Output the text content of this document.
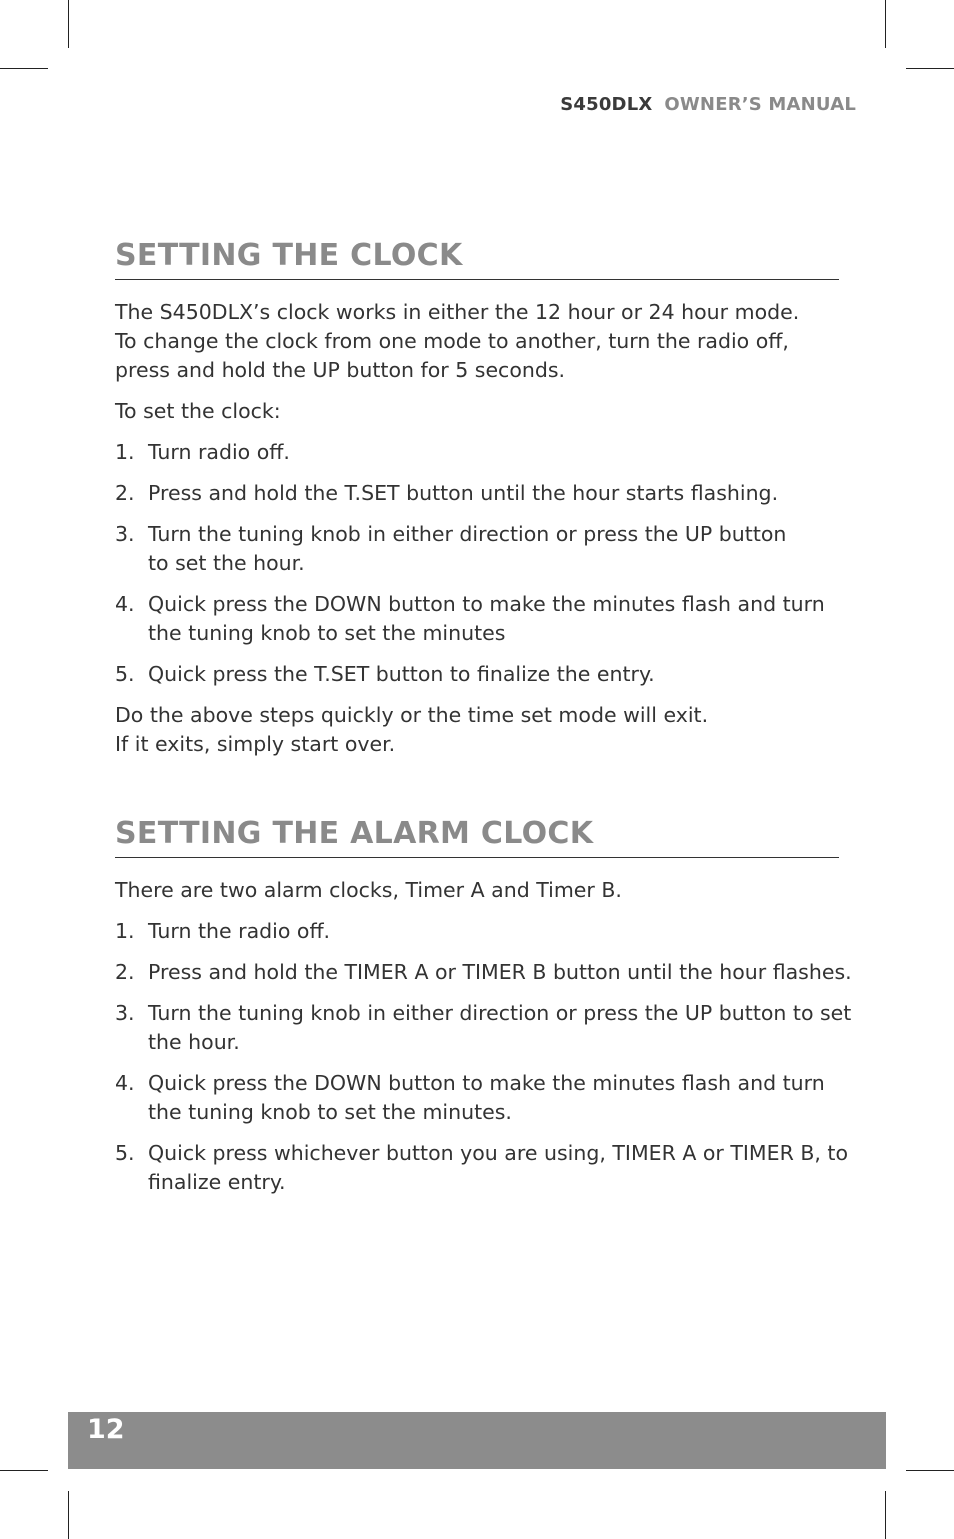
S450DLX OWNER’S MANUAL
SETTING THE CLOCK

The S450DLX’s clock works in either the 12 hour or 24 hour mode.
To change the clock from one mode to another, turn the radio off,
press and hold the UP button for 5 seconds.

To set the clock:

1. Turn radio off.
2. Press and hold the T.SET button until the hour starts flashing.
3. Turn the tuning knob in either direction or press the UP button
to set the hour.
4. Quick press the DOWN button to make the minutes flash and turn
the tuning knob to set the minutes
5. Quick press the T.SET button to finalize the entry.

Do the above steps quickly or the time set mode will exit.
If it exits, simply start over.

SETTING THE ALARM CLOCK

There are two alarm clocks, Timer A and Timer B.

1. Turn the radio off.
2. Press and hold the TIMER A or TIMER B button until the hour flashes.
3. Turn the tuning knob in either direction or press the UP button to set
the hour.
4. Quick press the DOWN button to make the minutes flash and turn
the tuning knob to set the minutes.
5. Quick press whichever button you are using, TIMER A or TIMER B, to
finalize entry.
12
